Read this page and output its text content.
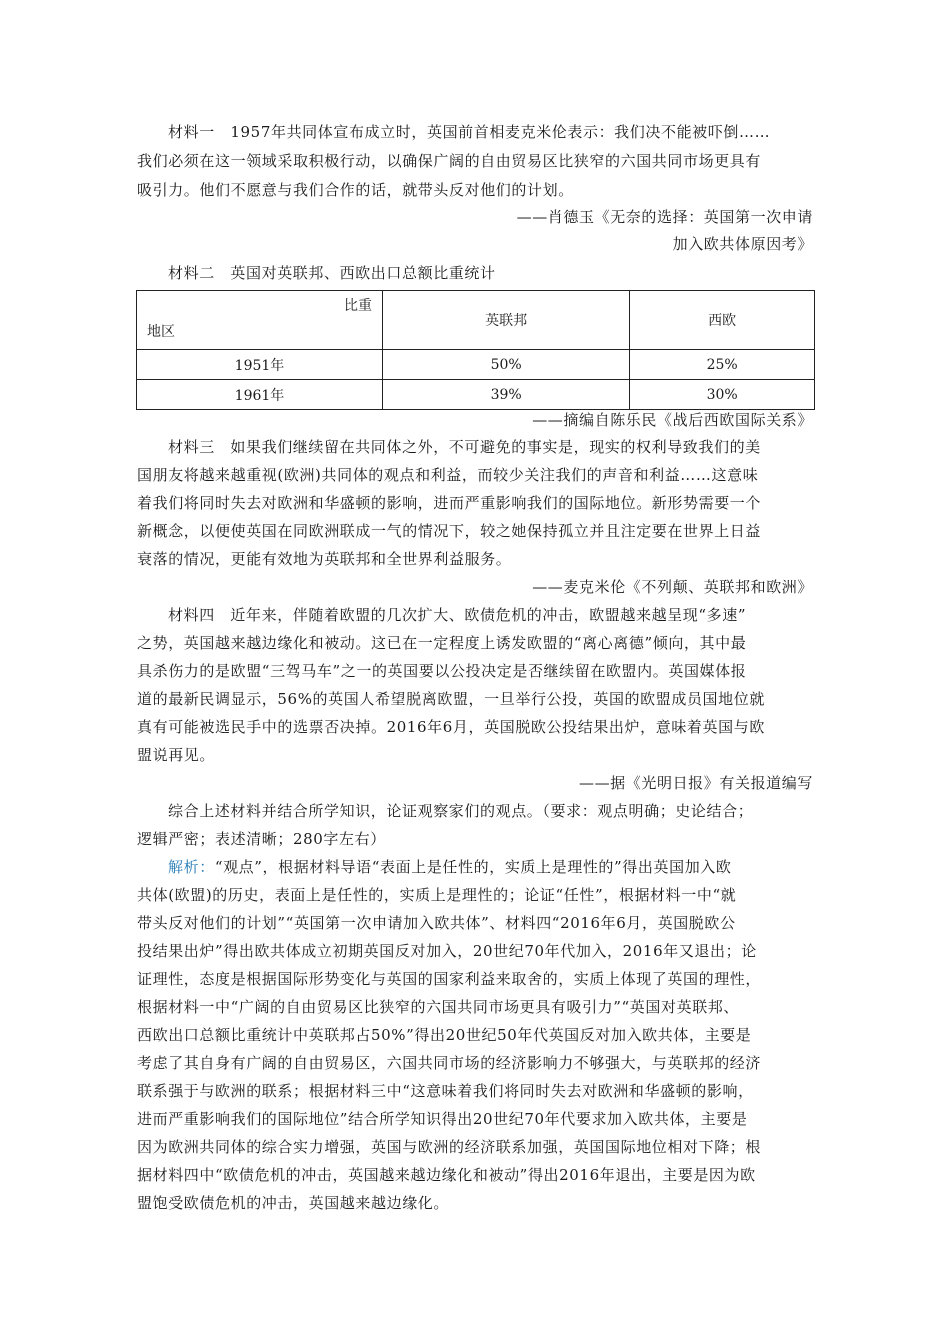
材料一　1957年共同体宣布成立时，英国前首相麦克米伦表示：我们决不能被吓倒……
我们必须在这一领域采取积极行动，以确保广阔的自由贸易区比狭窄的六国共同市场更具有
吸引力。他们不愿意与我们合作的话，就带头反对他们的计划。
——肖德玉《无奈的选择：英国第一次申请
加入欧共体原因考》
材料二　英国对英联邦、西欧出口总额比重统计
比重
地区	英联邦	西欧
1951年	50%	25%
1961年	39%	30%
——摘编自陈乐民《战后西欧国际关系》
材料三　如果我们继续留在共同体之外，不可避免的事实是，现实的权利导致我们的美
国朋友将越来越重视(欧洲)共同体的观点和利益，而较少关注我们的声音和利益……这意味
着我们将同时失去对欧洲和华盛顿的影响，进而严重影响我们的国际地位。新形势需要一个
新概念，以便使英国在同欧洲联成一气的情况下，较之她保持孤立并且注定要在世界上日益
衰落的情况，更能有效地为英联邦和全世界利益服务。
——麦克米伦《不列颠、英联邦和欧洲》
材料四　近年来，伴随着欧盟的几次扩大、欧债危机的冲击，欧盟越来越呈现“多速”
之势，英国越来越边缘化和被动。这已在一定程度上诱发欧盟的“离心离德”倾向，其中最
具杀伤力的是欧盟“三驾马车”之一的英国要以公投决定是否继续留在欧盟内。英国媒体报
道的最新民调显示，56%的英国人希望脱离欧盟，一旦举行公投，英国的欧盟成员国地位就
真有可能被选民手中的选票否决掉。2016年6月，英国脱欧公投结果出炉，意味着英国与欧
盟说再见。
——据《光明日报》有关报道编写
综合上述材料并结合所学知识，论证观察家们的观点。（要求：观点明确；史论结合；
逻辑严密；表述清晰；280字左右）
解析：“观点”，根据材料导语“表面上是任性的，实质上是理性的”得出英国加入欧
共体(欧盟)的历史，表面上是任性的，实质上是理性的；论证“任性”，根据材料一中“就
带头反对他们的计划”“英国第一次申请加入欧共体”、材料四“2016年6月，英国脱欧公
投结果出炉”得出欧共体成立初期英国反对加入，20世纪70年代加入，2016年又退出；论
证理性，态度是根据国际形势变化与英国的国家利益来取舍的，实质上体现了英国的理性，
根据材料一中“广阔的自由贸易区比狭窄的六国共同市场更具有吸引力”“英国对英联邦、
西欧出口总额比重统计中英联邦占50%”得出20世纪50年代英国反对加入欧共体，主要是
考虑了其自身有广阔的自由贸易区，六国共同市场的经济影响力不够强大，与英联邦的经济
联系强于与欧洲的联系；根据材料三中“这意味着我们将同时失去对欧洲和华盛顿的影响，
进而严重影响我们的国际地位”结合所学知识得出20世纪70年代要求加入欧共体，主要是
因为欧洲共同体的综合实力增强，英国与欧洲的经济联系加强，英国国际地位相对下降；根
据材料四中“欧债危机的冲击，英国越来越边缘化和被动”得出2016年退出，主要是因为欧
盟饱受欧债危机的冲击，英国越来越边缘化。
